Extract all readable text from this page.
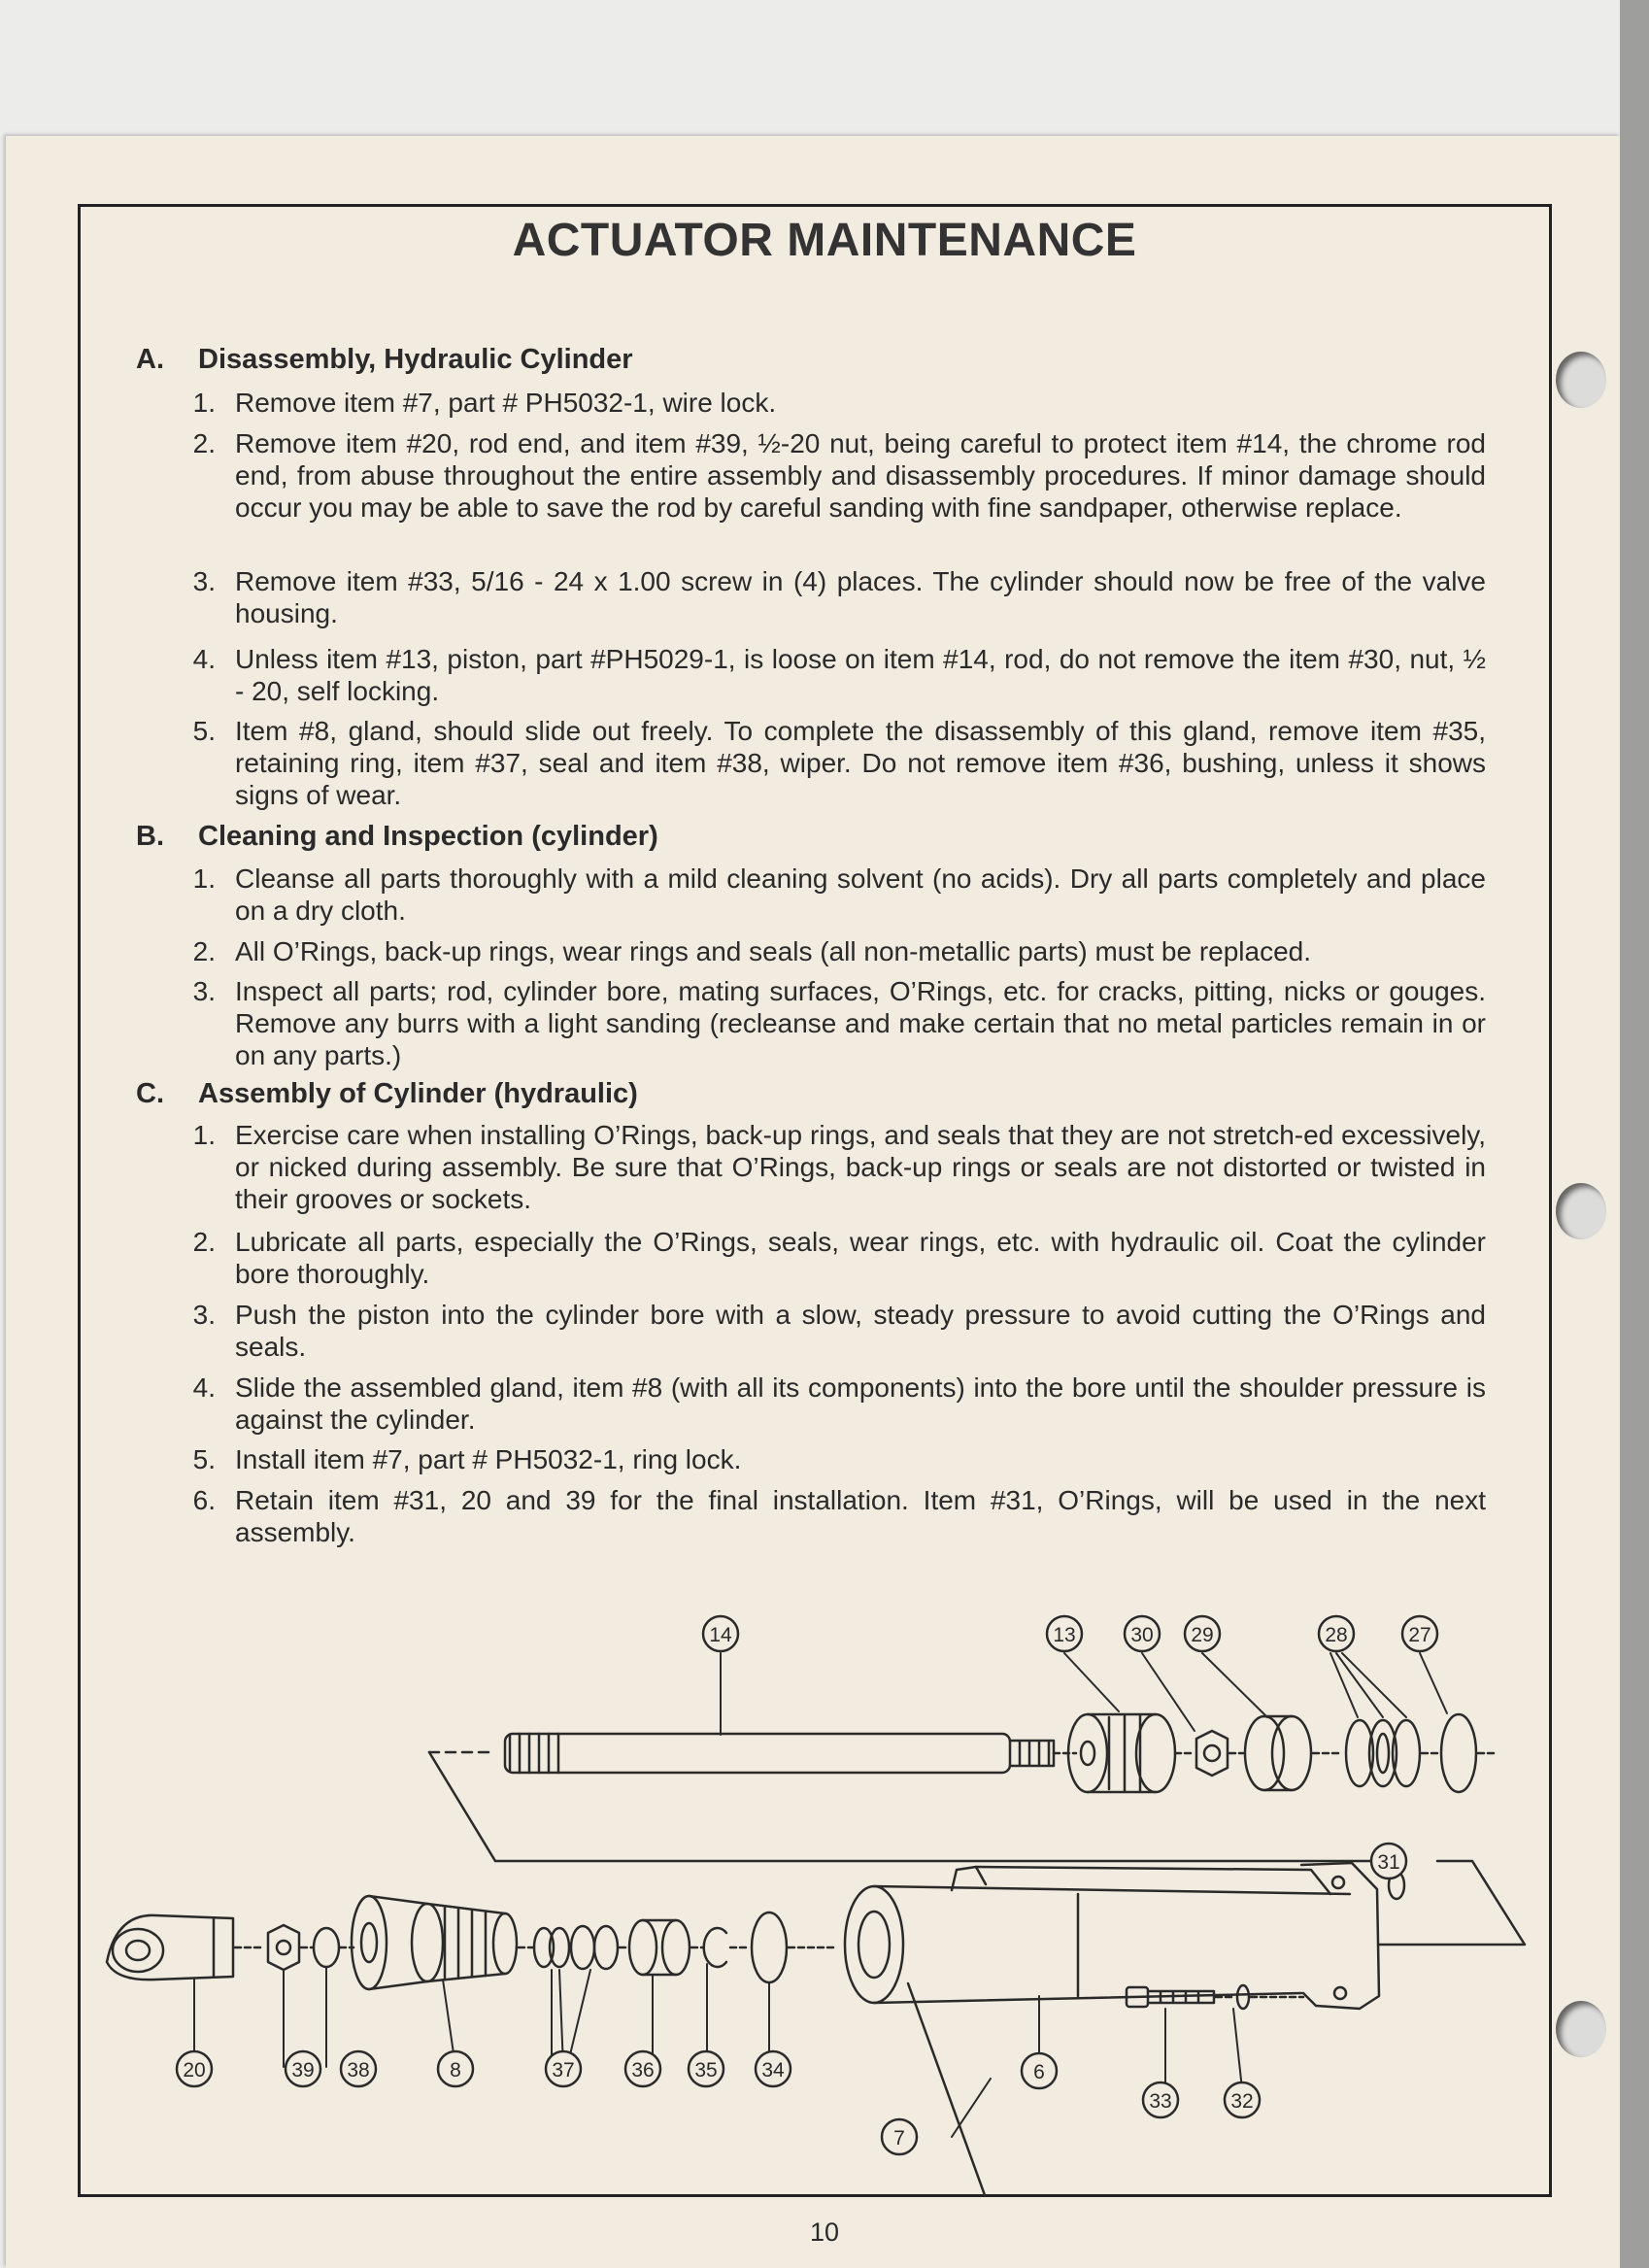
ACTUATOR MAINTENANCE
A. Disassembly, Hydraulic Cylinder
1. Remove item #7, part # PH5032-1, wire lock.
2. Remove item #20, rod end, and item #39, ½-20 nut, being careful to protect item #14, the chrome rod end, from abuse throughout the entire assembly and disassembly procedures. If minor damage should occur you may be able to save the rod by careful sanding with fine sandpaper, otherwise replace.
3. Remove item #33, 5/16 - 24 x 1.00 screw in (4) places. The cylinder should now be free of the valve housing.
4. Unless item #13, piston, part #PH5029-1, is loose on item #14, rod, do not remove the item #30, nut, ½ - 20, self locking.
5. Item #8, gland, should slide out freely. To complete the disassembly of this gland, remove item #35, retaining ring, item #37, seal and item #38, wiper. Do not remove item #36, bushing, unless it shows signs of wear.
B. Cleaning and Inspection (cylinder)
1. Cleanse all parts thoroughly with a mild cleaning solvent (no acids). Dry all parts completely and place on a dry cloth.
2. All O’Rings, back-up rings, wear rings and seals (all non-metallic parts) must be replaced.
3. Inspect all parts; rod, cylinder bore, mating surfaces, O’Rings, etc. for cracks, pitting, nicks or gouges. Remove any burrs with a light sanding (recleanse and make certain that no metal particles remain in or on any parts.)
C. Assembly of Cylinder (hydraulic)
1. Exercise care when installing O’Rings, back-up rings, and seals that they are not stretch-ed excessively, or nicked during assembly. Be sure that O’Rings, back-up rings or seals are not distorted or twisted in their grooves or sockets.
2. Lubricate all parts, especially the O’Rings, seals, wear rings, etc. with hydraulic oil. Coat the cylinder bore thoroughly.
3. Push the piston into the cylinder bore with a slow, steady pressure to avoid cutting the O’Rings and seals.
4. Slide the assembled gland, item #8 (with all its components) into the bore until the shoulder pressure is against the cylinder.
5. Install item #7, part # PH5032-1, ring lock.
6. Retain item #31, 20 and 39 for the final installation. Item #31, O’Rings, will be used in the next assembly.
14	13	30 29	28	27
31
20	39 38	8	37	36 35 34	6
33	32
7
10
